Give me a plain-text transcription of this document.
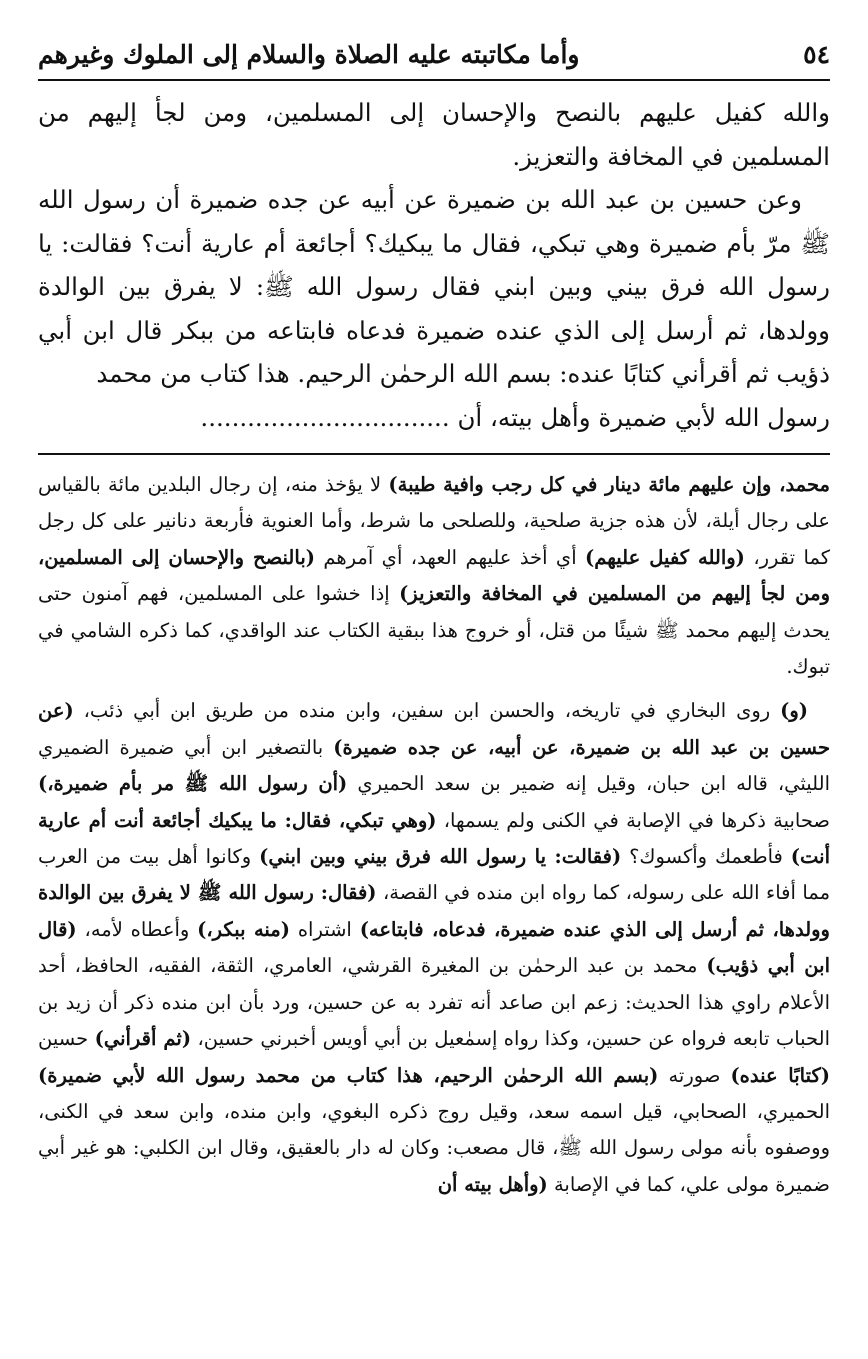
٥٤
وأما مكاتبته عليه الصلاة والسلام إلى الملوك وغيرهم

والله كفيل عليهم بالنصح والإحسان إلى المسلمين، ومن لجأ إليهم من المسلمين في المخافة والتعزيز.

وعن حسين بن عبد الله بن ضميرة عن أبيه عن جده ضميرة أن رسول الله ﷺ مرّ بأم ضميرة وهي تبكي، فقال ما يبكيك؟ أجائعة أم عارية أنت؟ فقالت: يا رسول الله فرق بيني وبين ابني فقال رسول الله ﷺ: لا يفرق بين الوالدة وولدها، ثم أرسل إلى الذي عنده ضميرة فدعاه فابتاعه من ببكر قال ابن أبي ذؤيب ثم أقرأني كتابًا عنده: بسم الله الرحمٰن الرحيم. هذا كتاب من محمد

رسول الله لأبي ضميرة وأهل بيته، أن ................................

محمد، وإن عليهم مائة دينار في كل رجب وافية طيبة) لا يؤخذ منه، إن رجال البلدين مائة بالقياس على رجال أيلة، لأن هذه جزية صلحية، وللصلحى ما شرط، وأما العنوية فأربعة دنانير على كل رجل كما تقرر، (والله كفيل عليهم) أي أخذ عليهم العهد، أي آمرهم (بالنصح والإحسان إلى المسلمين، ومن لجأ إليهم من المسلمين في المخافة والتعزيز) إذا خشوا على المسلمين، فهم آمنون حتى يحدث إليهم محمد ﷺ شيئًا من قتل، أو خروج هذا ببقية الكتاب عند الواقدي، كما ذكره الشامي في تبوك.

(و) روى البخاري في تاريخه، والحسن ابن سفين، وابن منده من طريق ابن أبي ذئب، (عن حسين بن عبد الله بن ضميرة، عن أبيه، عن جده ضميرة) بالتصغير ابن أبي ضميرة الضميري الليثي، قاله ابن حبان، وقيل إنه ضمير بن سعد الحميري (أن رسول الله ﷺ مر بأم ضميرة،) صحابية ذكرها في الإصابة في الكنى ولم يسمها، (وهي تبكي، فقال: ما يبكيك أجائعة أنت أم عارية أنت) فأطعمك وأكسوك؟ (فقالت: يا رسول الله فرق بيني وبين ابني) وكانوا أهل بيت من العرب مما أفاء الله على رسوله، كما رواه ابن منده في القصة، (فقال: رسول الله ﷺ لا يفرق بين الوالدة وولدها، ثم أرسل إلى الذي عنده ضميرة، فدعاه، فابتاعه) اشتراه (منه ببكر،) وأعطاه لأمه، (قال ابن أبي ذؤيب) محمد بن عبد الرحمٰن بن المغيرة القرشي، العامري، الثقة، الفقيه، الحافظ، أحد الأعلام راوي هذا الحديث: زعم ابن صاعد أنه تفرد به عن حسين، ورد بأن ابن منده ذكر أن زيد بن الحباب تابعه فرواه عن حسين، وكذا رواه إسمٰعيل بن أبي أويس أخبرني حسين، (ثم أقرأني) حسين (كتابًا عنده) صورته (بسم الله الرحمٰن الرحيم، هذا كتاب من محمد رسول الله لأبي ضميرة) الحميري، الصحابي، قيل اسمه سعد، وقيل روج ذكره البغوي، وابن منده، وابن سعد في الكنى، ووصفوه بأنه مولى رسول الله ﷺ، قال مصعب: وكان له دار بالعقيق، وقال ابن الكلبي: هو غير أبي ضميرة مولى علي، كما في الإصابة (وأهل بيته أن
